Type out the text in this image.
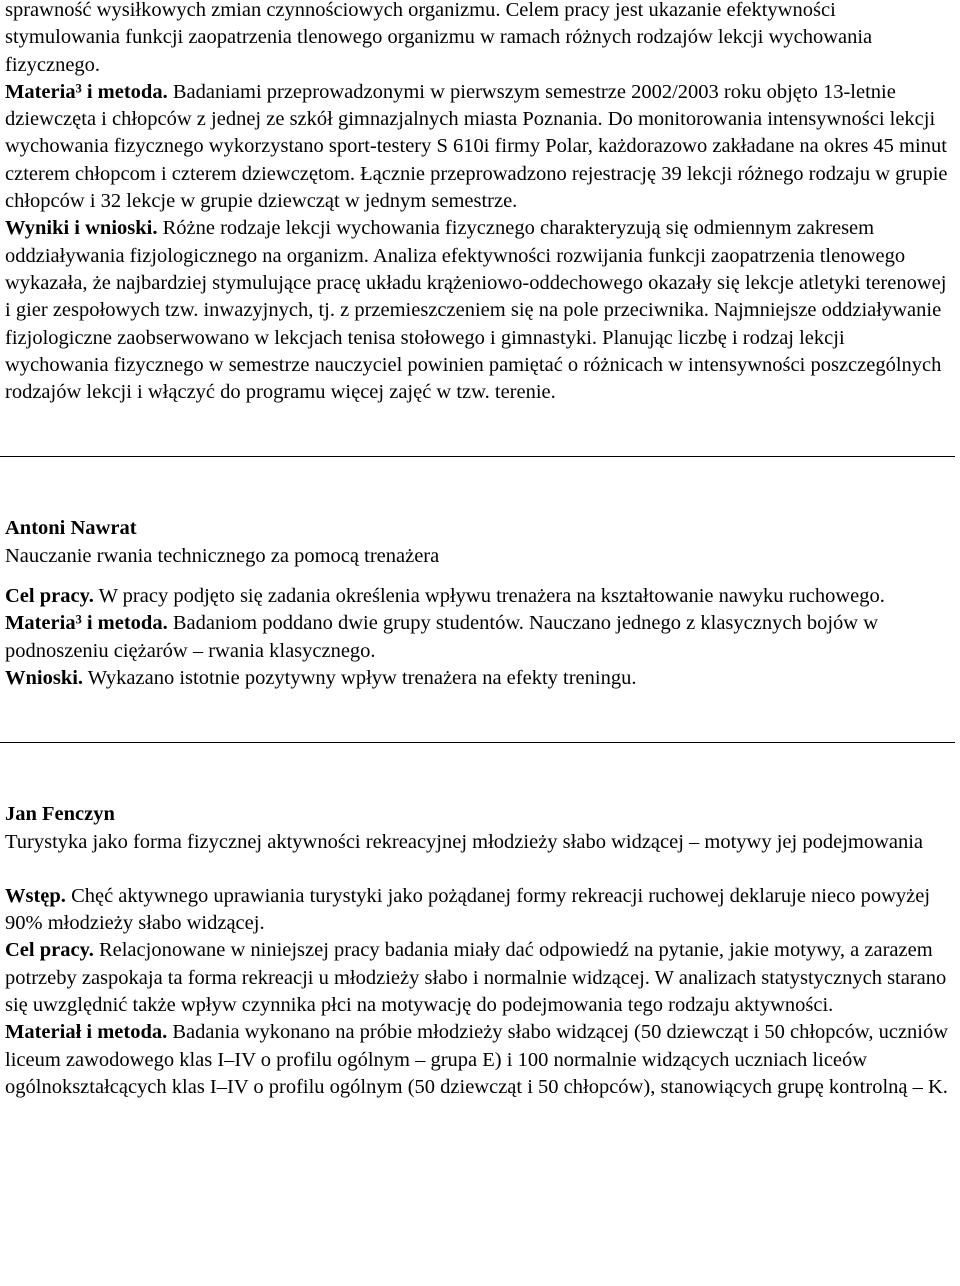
sprawność wysiłkowych zmian czynnościowych organizmu. Celem pracy jest ukazanie efektywności stymulowania funkcji zaopatrzenia tlenowego organizmu w ramach różnych rodzajów lekcji wychowania fizycznego.

Materia³ i metoda. Badaniami przeprowadzonymi w pierwszym semestrze 2002/2003 roku objęto 13-letnie dziewczęta i chłopców z jednej ze szkół gimnazjalnych miasta Poznania. Do monitorowania intensywności lekcji wychowania fizycznego wykorzystano sport-testery S 610i firmy Polar, każdorazowo zakładane na okres 45 minut czterem chłopcom i czterem dziewczętom. Łącznie przeprowadzono rejestrację 39 lekcji różnego rodzaju w grupie chłopców i 32 lekcje w grupie dziewcząt w jednym semestrze.

Wyniki i wnioski. Różne rodzaje lekcji wychowania fizycznego charakteryzują się odmiennym zakresem oddziaływania fizjologicznego na organizm. Analiza efektywności rozwijania funkcji zaopatrzenia tlenowego wykazała, że najbardziej stymulujące pracę układu krążeniowo-oddechowego okazały się lekcje atletyki terenowej i gier zespołowych tzw. inwazyjnych, tj. z przemieszczeniem się na pole przeciwnika. Najmniejsze oddziaływanie fizjologiczne zaobserwowano w lekcjach tenisa stołowego i gimnastyki. Planując liczbę i rodzaj lekcji wychowania fizycznego w semestrze nauczyciel powinien pamiętać o różnicach w intensywności poszczególnych rodzajów lekcji i włączyć do programu więcej zajęć w tzw. terenie.

Antoni Nawrat

Nauczanie rwania technicznego za pomocą trenażera

Cel pracy. W pracy podjęto się zadania określenia wpływu trenażera na kształtowanie nawyku ruchowego.

Materia³ i metoda. Badaniom poddano dwie grupy studentów. Nauczano jednego z klasycznych bojów w podnoszeniu ciężarów – rwania klasycznego.

Wnioski. Wykazano istotnie pozytywny wpływ trenażera na efekty treningu.

Jan Fenczyn

Turystyka jako forma fizycznej aktywności rekreacyjnej młodzieży słabo widzącej – motywy jej podejmowania

Wstęp. Chęć aktywnego uprawiania turystyki jako pożądanej formy rekreacji ruchowej deklaruje nieco powyżej 90% młodzieży słabo widzącej.

Cel pracy. Relacjonowane w niniejszej pracy badania miały dać odpowiedź na pytanie, jakie motywy, a zarazem potrzeby zaspokaja ta forma rekreacji u młodzieży słabo i normalnie widzącej. W analizach statystycznych starano się uwzględnić także wpływ czynnika płci na motywację do podejmowania tego rodzaju aktywności.

Materiał i metoda. Badania wykonano na próbie młodzieży słabo widzącej (50 dziewcząt i 50 chłopców, uczniów liceum zawodowego klas I–IV o profilu ogólnym – grupa E) i 100 normalnie widzących uczniach liceów ogólnokształcących klas I–IV o profilu ogólnym (50 dziewcząt i 50 chłopców), stanowiących grupę kontrolną – K.
